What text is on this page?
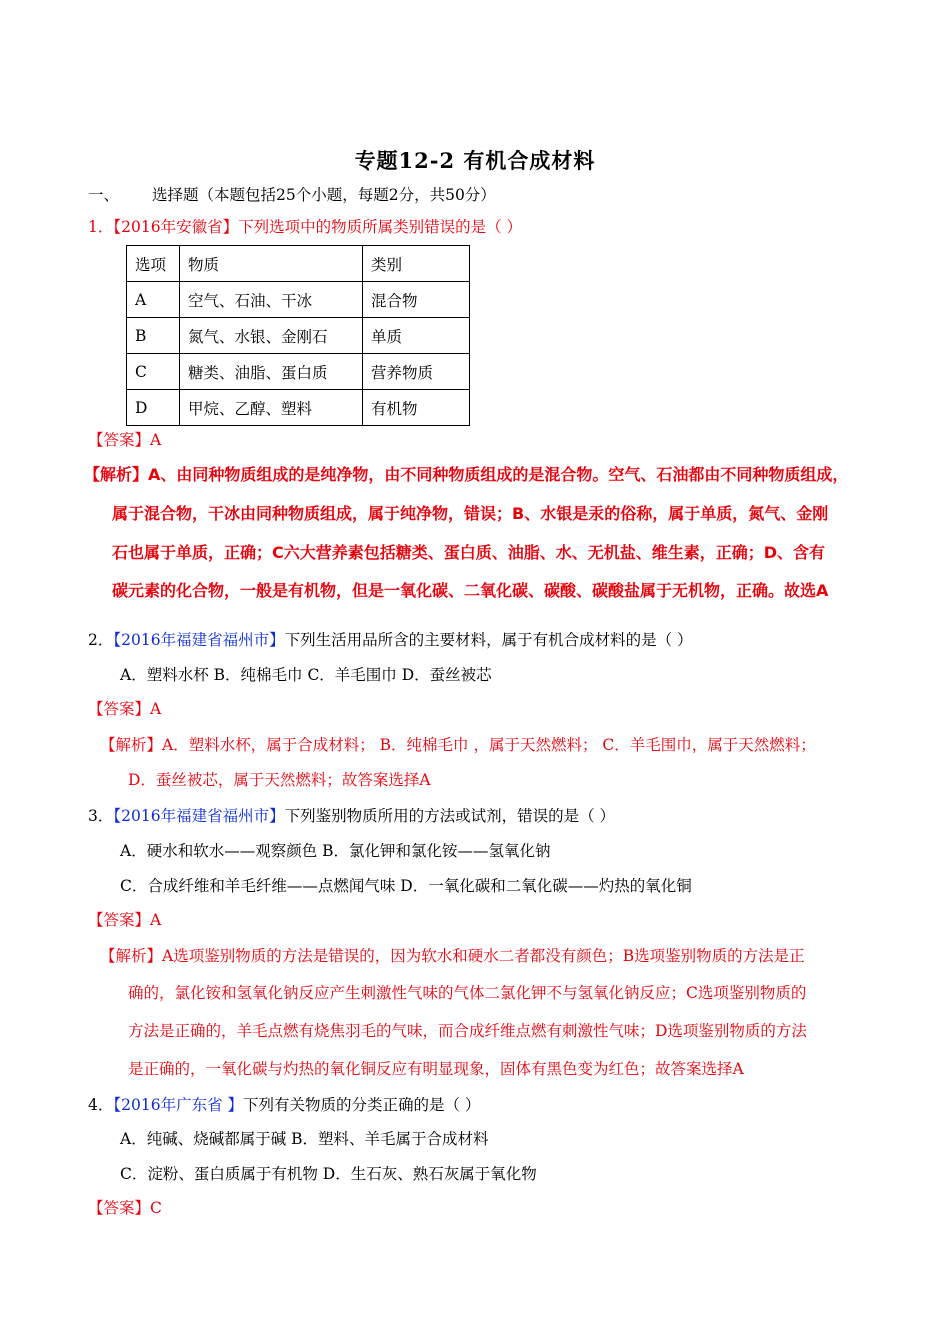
专题12-2 有机合成材料
一、 选择题（本题包括25个小题，每题2分，共50分）
1．【2016年安徽省】下列选项中的物质所属类别错误的是（ ）
选项	物质	类别
A	空气、石油、干冰	混合物
B	氮气、水银、金刚石	单质
C	糖类、油脂、蛋白质	营养物质
D	甲烷、乙醇、塑料	有机物
【答案】A
【解析】A、由同种物质组成的是纯净物，由不同种物质组成的是混合物。空气、石油都由不同种物质组成，
属于混合物，干冰由同种物质组成，属于纯净物，错误；B、水银是汞的俗称，属于单质，氮气、金刚
石也属于单质，正确；C六大营养素包括糖类、蛋白质、油脂、水、无机盐、维生素，正确；D、含有
碳元素的化合物，一般是有机物，但是一氧化碳、二氧化碳、碳酸、碳酸盐属于无机物，正确。故选A
2．【2016年福建省福州市】下列生活用品所含的主要材料，属于有机合成材料的是（ ）
A．塑料水杯 B．纯棉毛巾 C．羊毛围巾 D．蚕丝被芯
【答案】A
【解析】A．塑料水杯，属于合成材料； B．纯棉毛巾 ，属于天然燃料； C．羊毛围巾，属于天然燃料；
D．蚕丝被芯，属于天然燃料；故答案选择A
3．【2016年福建省福州市】下列鉴别物质所用的方法或试剂，错误的是（ ）
A．硬水和软水——观察颜色 B．氯化钾和氯化铵——氢氧化钠
C．合成纤维和羊毛纤维——点燃闻气味 D．一氧化碳和二氧化碳——灼热的氧化铜
【答案】A
【解析】A选项鉴别物质的方法是错误的，因为软水和硬水二者都没有颜色；B选项鉴别物质的方法是正
确的，氯化铵和氢氧化钠反应产生刺激性气味的气体二氯化钾不与氢氧化钠反应；C选项鉴别物质的
方法是正确的，羊毛点燃有烧焦羽毛的气味，而合成纤维点燃有刺激性气味；D选项鉴别物质的方法
是正确的，一氧化碳与灼热的氧化铜反应有明显现象，固体有黑色变为红色；故答案选择A
4．【2016年广东省 】下列有关物质的分类正确的是（ ）
A．纯碱、烧碱都属于碱 B．塑料、羊毛属于合成材料
C．淀粉、蛋白质属于有机物 D．生石灰、熟石灰属于氧化物
【答案】C
